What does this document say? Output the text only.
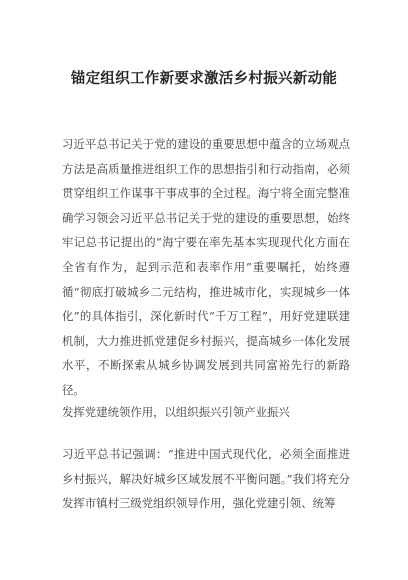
锚定组织工作新要求激活乡村振兴新动能

习近平总书记关于党的建设的重要思想中蕴含的立场观点方法是高质量推进组织工作的思想指引和行动指南，必须贯穿组织工作谋事干事成事的全过程。海宁将全面完整准确学习领会习近平总书记关于党的建设的重要思想，始终牢记总书记提出的“海宁要在率先基本实现现代化方面在全省有作为，起到示范和表率作用”重要嘱托，始终遵循“彻底打破城乡二元结构，推进城市化，实现城乡一体化”的具体指引，深化新时代“千万工程”，用好党建联建机制，大力推进抓党建促乡村振兴，提高城乡一体化发展水平，不断探索从城乡协调发展到共同富裕先行的新路径。

发挥党建统领作用，以组织振兴引领产业振兴

习近平总书记强调：“推进中国式现代化，必须全面推进乡村振兴，解决好城乡区域发展不平衡问题。”我们将充分发挥市镇村三级党组织领导作用，强化党建引领、统筹
